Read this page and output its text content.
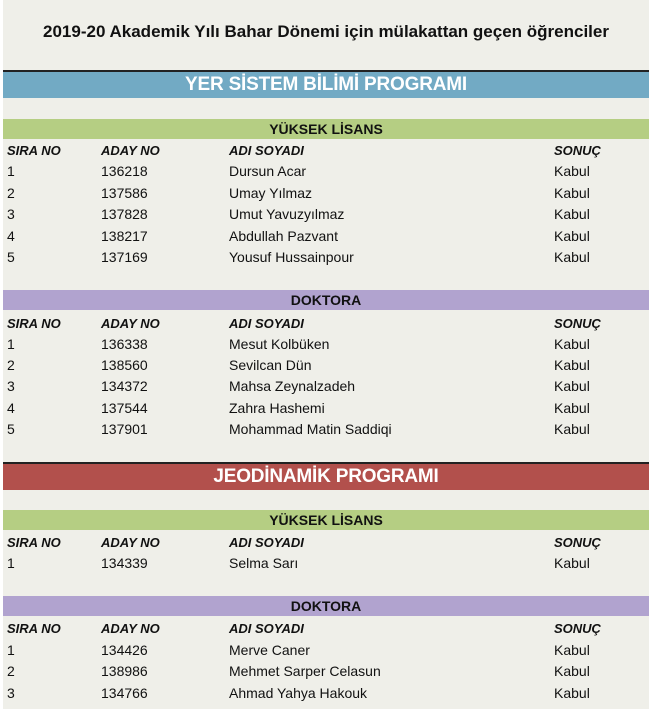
2019-20 Akademik Yılı Bahar Dönemi için mülakattan geçen öğrenciler
YER SİSTEM BİLİMİ PROGRAMI
YÜKSEK LİSANS
SIRA NO	ADAY NO	ADI SOYADI	SONUÇ
1	136218	Dursun Acar	Kabul
2	137586	Umay Yılmaz	Kabul
3	137828	Umut Yavuzyılmaz	Kabul
4	138217	Abdullah Pazvant	Kabul
5	137169	Yousuf Hussainpour	Kabul
DOKTORA
SIRA NO	ADAY NO	ADI SOYADI	SONUÇ
1	136338	Mesut Kolbüken	Kabul
2	138560	Sevilcan Dün	Kabul
3	134372	Mahsa Zeynalzadeh	Kabul
4	137544	Zahra Hashemi	Kabul
5	137901	Mohammad Matin Saddiqi	Kabul
JEODİNAMİK PROGRAMI
YÜKSEK LİSANS
SIRA NO	ADAY NO	ADI SOYADI	SONUÇ
1	134339	Selma Sarı	Kabul
DOKTORA
SIRA NO	ADAY NO	ADI SOYADI	SONUÇ
1	134426	Merve Caner	Kabul
2	138986	Mehmet Sarper Celasun	Kabul
3	134766	Ahmad Yahya Hakouk	Kabul
